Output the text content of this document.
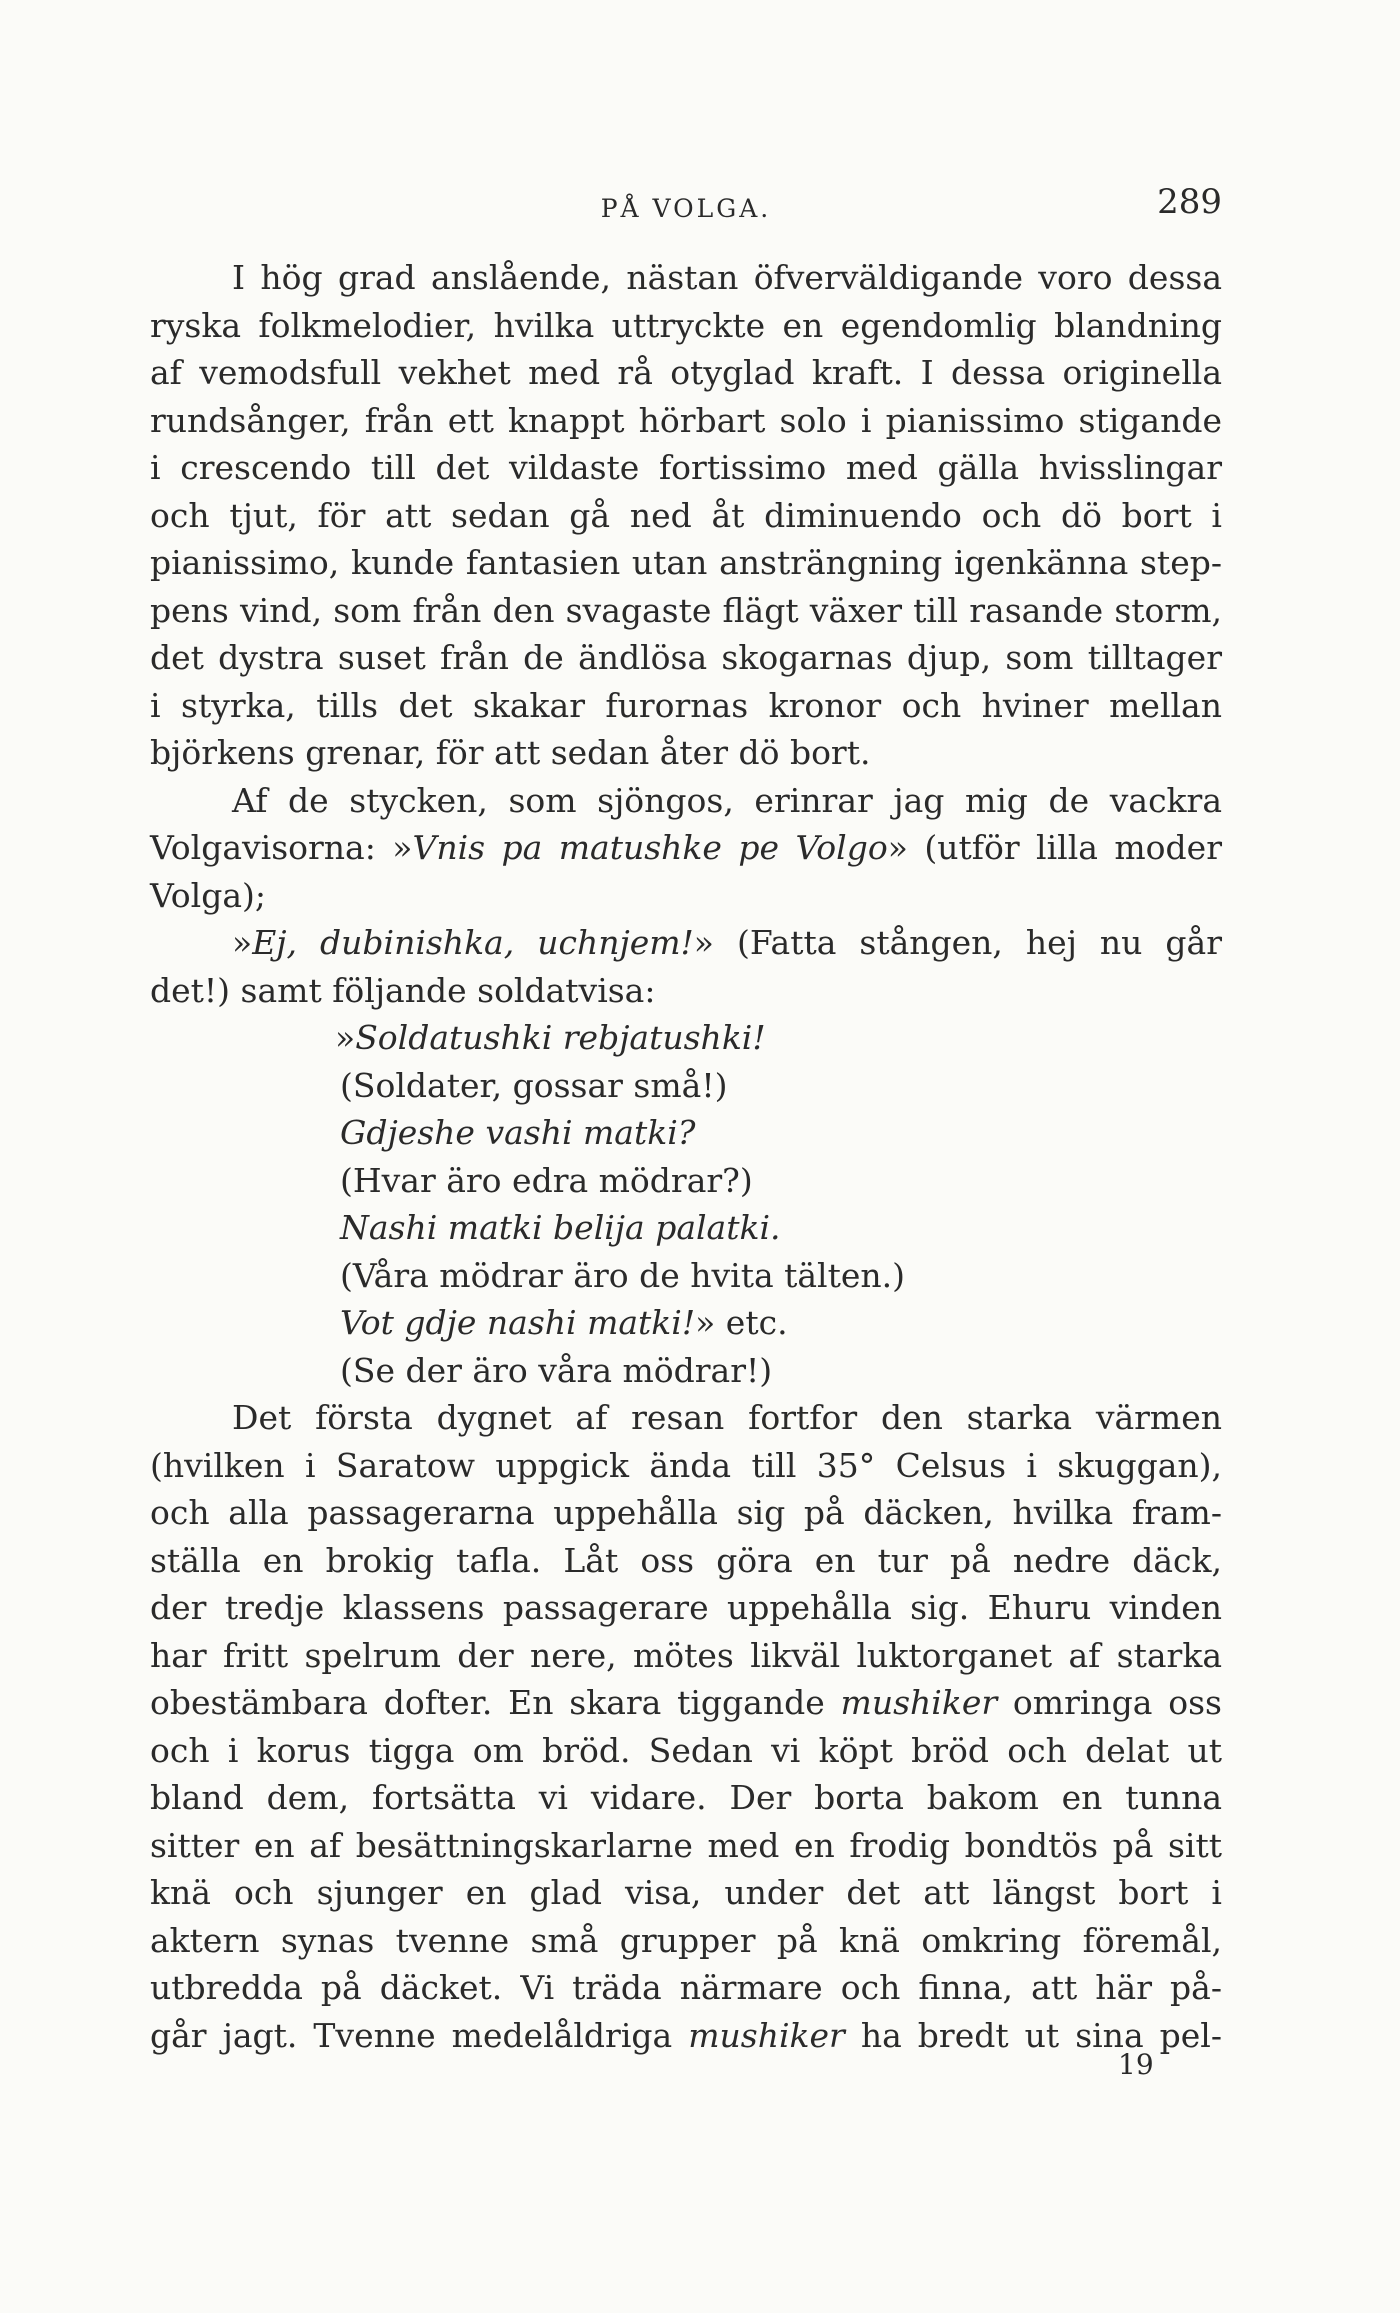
PÅ VOLGA.	289
I hög grad anslående, nästan öfverväldigande voro dessa
ryska folkmelodier, hvilka uttryckte en egendomlig blandning
af vemodsfull vekhet med rå otyglad kraft. I dessa originella
rundsånger, från ett knappt hörbart solo i pianissimo stigande
i crescendo till det vildaste fortissimo med gälla hvisslingar
och tjut, för att sedan gå ned åt diminuendo och dö bort i
pianissimo, kunde fantasien utan ansträngning igenkänna step-
pens vind, som från den svagaste flägt växer till rasande storm,
det dystra suset från de ändlösa skogarnas djup, som tilltager
i styrka, tills det skakar furornas kronor och hviner mellan
björkens grenar, för att sedan åter dö bort.
Af de stycken, som sjöngos, erinrar jag mig de vackra
Volgavisorna: »Vnis pa matushke pe Volgo» (utför lilla moder
Volga);
»Ej, dubinishka, uchnjem!» (Fatta stången, hej nu går
det!) samt följande soldatvisa:
»Soldatushki rebjatushki!
(Soldater, gossar små!)
Gdjeshe vashi matki?
(Hvar äro edra mödrar?)
Nashi matki belija palatki.
(Våra mödrar äro de hvita tälten.)
Vot gdje nashi matki!» etc.
(Se der äro våra mödrar!)
Det första dygnet af resan fortfor den starka värmen
(hvilken i Saratow uppgick ända till 35° Celsus i skuggan),
och alla passagerarna uppehålla sig på däcken, hvilka fram-
ställa en brokig tafla. Låt oss göra en tur på nedre däck,
der tredje klassens passagerare uppehålla sig. Ehuru vinden
har fritt spelrum der nere, mötes likväl luktorganet af starka
obestämbara dofter. En skara tiggande mushiker omringa oss
och i korus tigga om bröd. Sedan vi köpt bröd och delat ut
bland dem, fortsätta vi vidare. Der borta bakom en tunna
sitter en af besättningskarlarne med en frodig bondtös på sitt
knä och sjunger en glad visa, under det att längst bort i
aktern synas tvenne små grupper på knä omkring föremål,
utbredda på däcket. Vi träda närmare och finna, att här på-
går jagt. Tvenne medelåldriga mushiker ha bredt ut sina pel-
19
